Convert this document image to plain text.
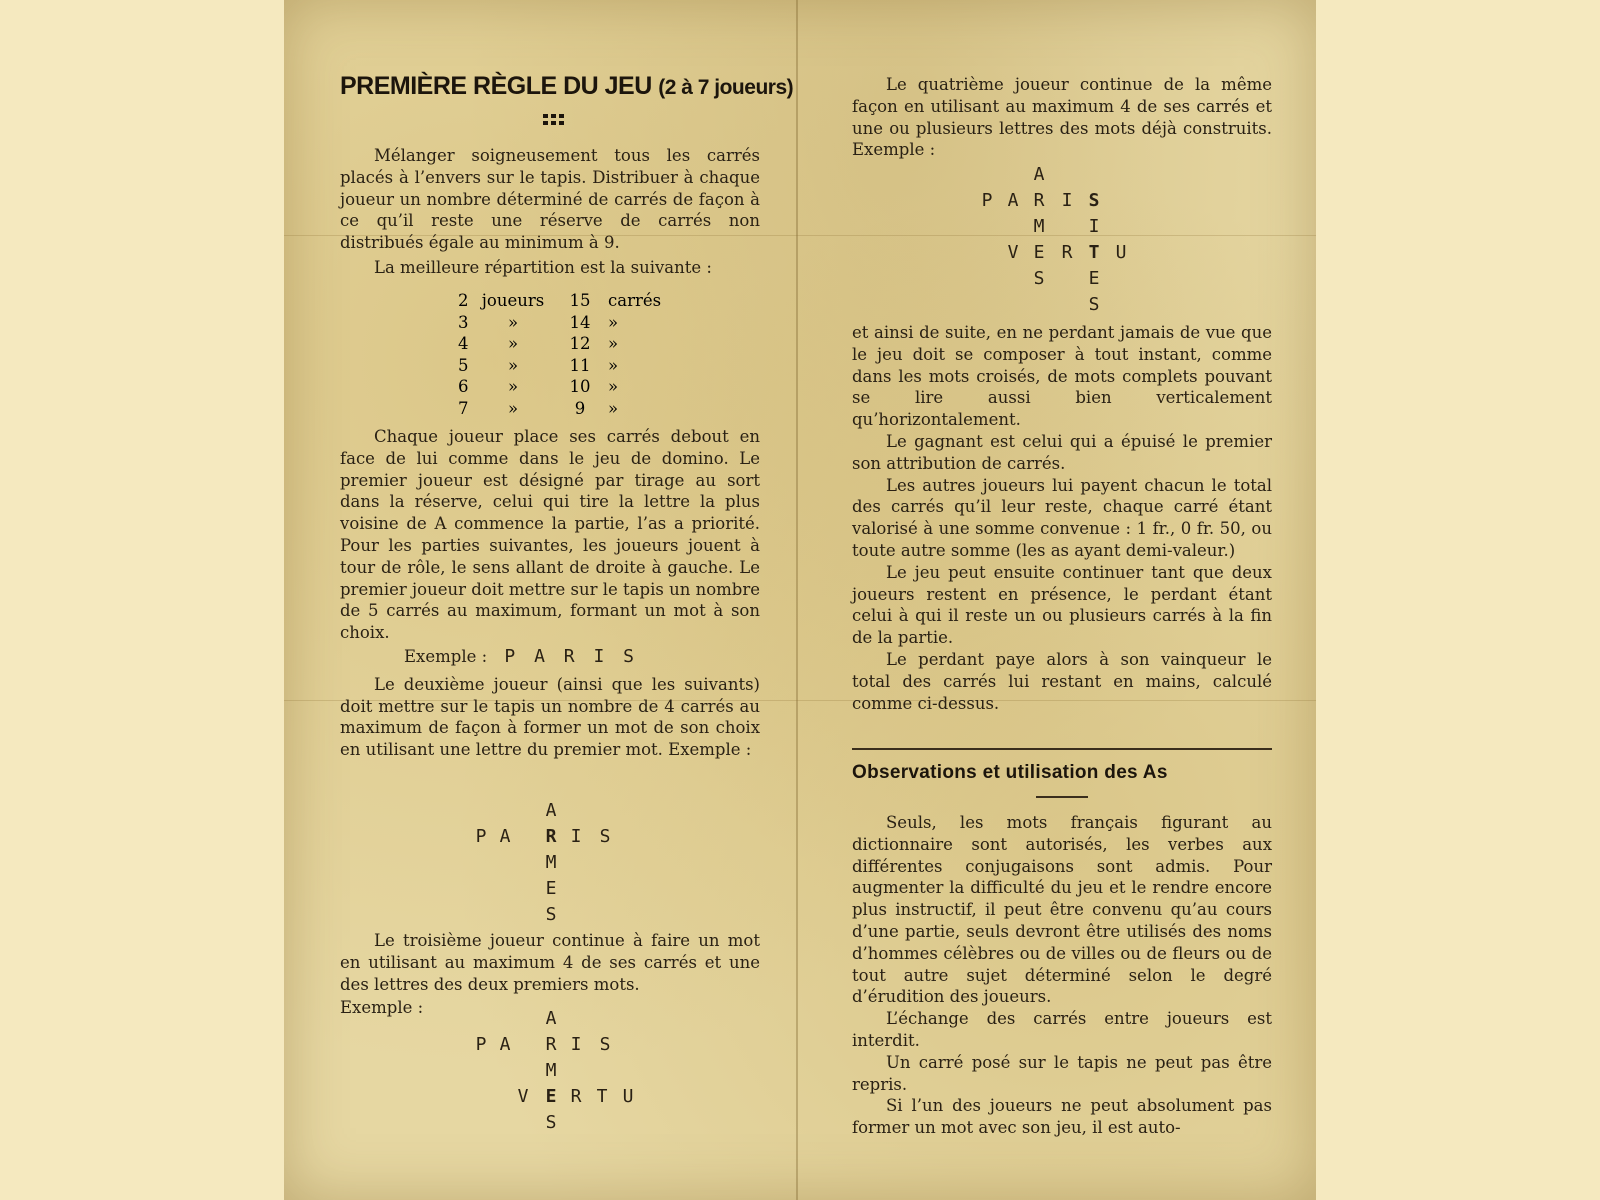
PREMIÈRE RÈGLE DU JEU (2 à 7 joueurs)

Mélanger soigneusement tous les carrés placés à l’envers sur le tapis. Distribuer à chaque joueur un nombre déterminé de carrés de façon à ce qu’il reste une réserve de carrés non distribués égale au minimum à 9.

La meilleure répartition est la suivante :

2 joueurs	15	carrés
3	»	14	»
4	»	12	»
5	»	11	»
6	»	10	»
7	»	9	»

Chaque joueur place ses carrés debout en face de lui comme dans le jeu de domino. Le premier joueur est désigné par tirage au sort dans la réserve, celui qui tire la lettre la plus voisine de A commence la partie, l’as a priorité. Pour les parties suivantes, les joueurs jouent à tour de rôle, le sens allant de droite à gauche. Le premier joueur doit mettre sur le tapis un nombre de 5 carrés au maximum, formant un mot à son choix.

Exemple : P A R I S

Le deuxième joueur (ainsi que les suivants) doit mettre sur le tapis un nombre de 4 carrés au maximum de façon à former un mot de son choix en utilisant une lettre du premier mot. Exemple :

A
P A	R I	S
M
E
S

Le troisième joueur continue à faire un mot en utilisant au maximum 4 de ses carrés et une des lettres des deux premiers mots.

Exemple :
A
P A	R I	S
M
V E R T U
S

Le quatrième joueur continue de la même façon en utilisant au maximum 4 de ses carrés et une ou plusieurs lettres des mots déjà construits. Exemple :

A
P A R I S
M	I
V E R T U
S	E
S

et ainsi de suite, en ne perdant jamais de vue que le jeu doit se composer à tout instant, comme dans les mots croisés, de mots complets pouvant se lire aussi bien verticalement qu’horizontalement.

Le gagnant est celui qui a épuisé le premier son attribution de carrés.

Les autres joueurs lui payent chacun le total des carrés qu’il leur reste, chaque carré étant valorisé à une somme convenue : 1 fr., 0 fr. 50, ou toute autre somme (les as ayant demi-valeur.)

Le jeu peut ensuite continuer tant que deux joueurs restent en présence, le perdant étant celui à qui il reste un ou plusieurs carrés à la fin de la partie.

Le perdant paye alors à son vainqueur le total des carrés lui restant en mains, calculé comme ci-dessus.

Observations et utilisation des As

Seuls, les mots français figurant au dictionnaire sont autorisés, les verbes aux différentes conjugaisons sont admis. Pour augmenter la difficulté du jeu et le rendre encore plus instructif, il peut être convenu qu’au cours d’une partie, seuls devront être utilisés des noms d’hommes célèbres ou de villes ou de fleurs ou de tout autre sujet déterminé selon le degré d’érudition des joueurs.

L’échange des carrés entre joueurs est interdit.

Un carré posé sur le tapis ne peut pas être repris.

Si l’un des joueurs ne peut absolument pas former un mot avec son jeu, il est auto-
